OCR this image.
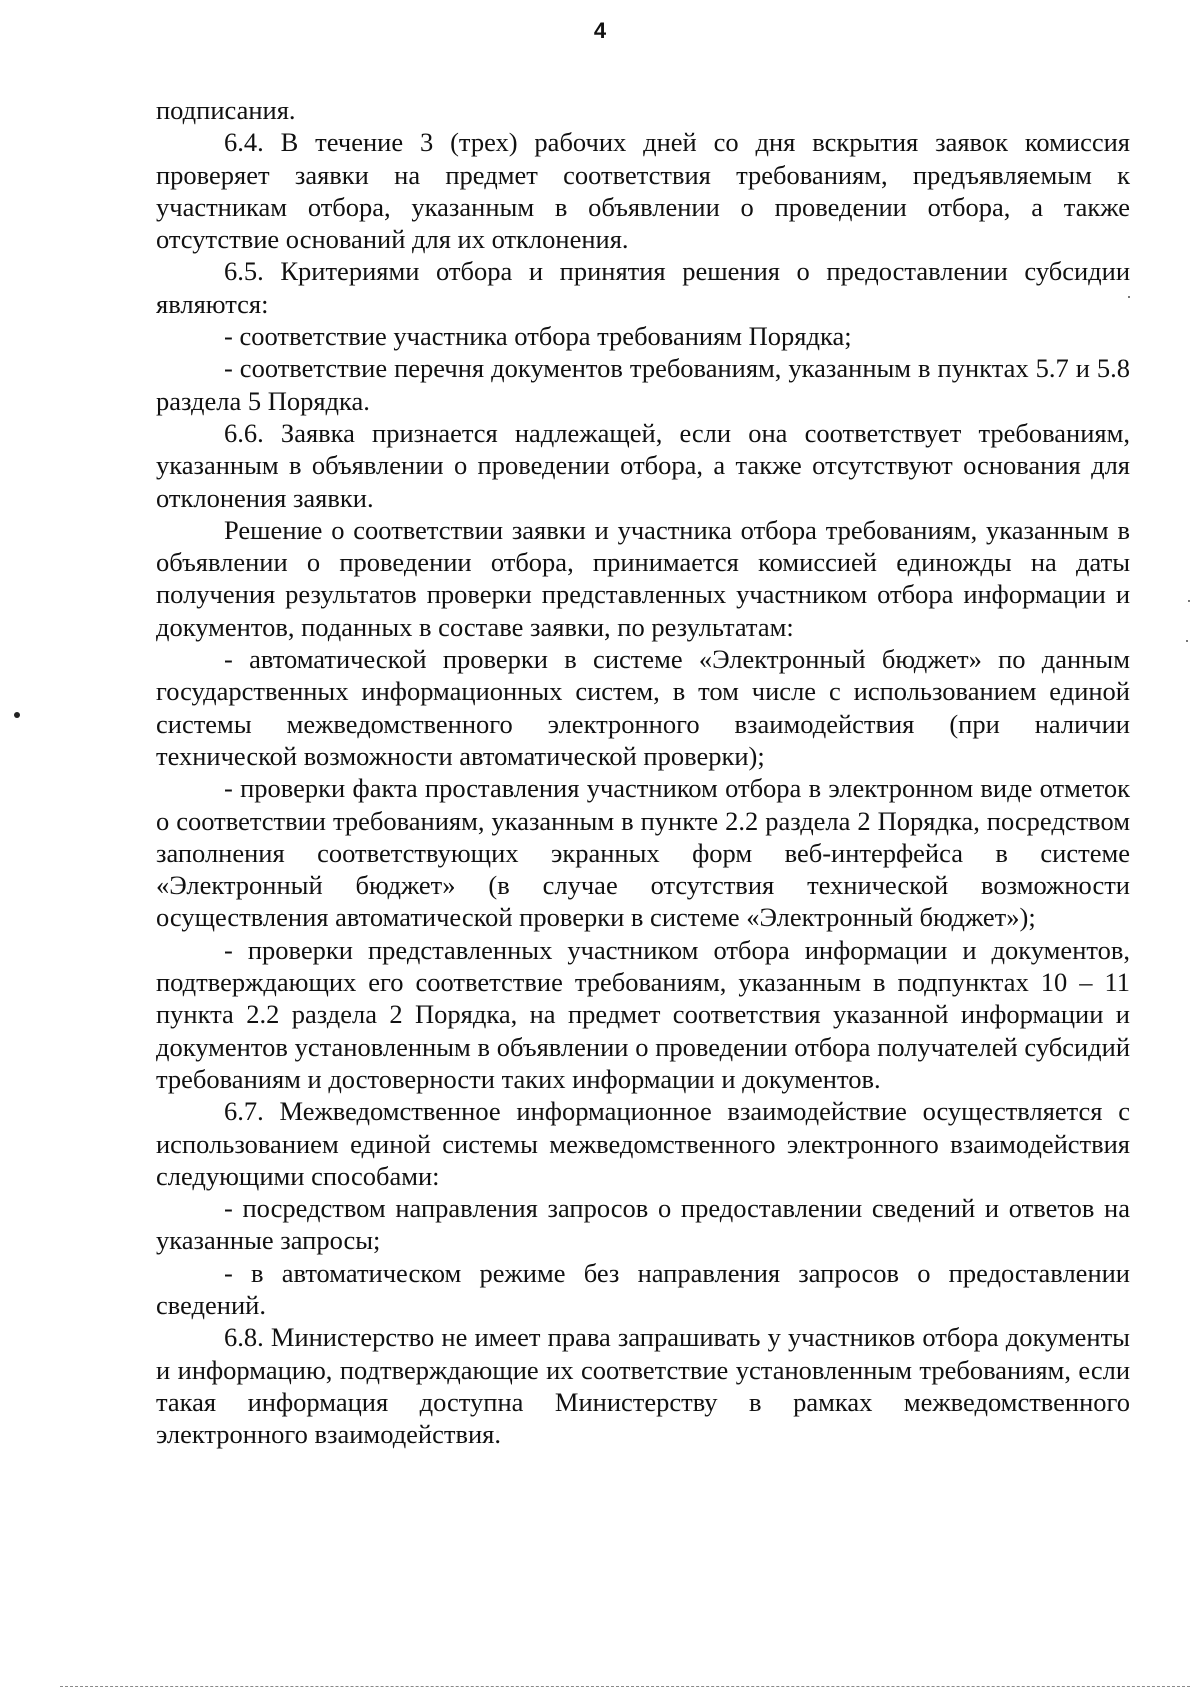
4

подписания.

6.4. В течение 3 (трех) рабочих дней со дня вскрытия заявок комиссия проверяет заявки на предмет соответствия требованиям, предъявляемым к участникам отбора, указанным в объявлении о проведении отбора, а также отсутствие оснований для их отклонения.

6.5. Критериями отбора и принятия решения о предоставлении субсидии являются:

- соответствие участника отбора требованиям Порядка;

- соответствие перечня документов требованиям, указанным в пунктах 5.7 и 5.8 раздела 5 Порядка.

6.6. Заявка признается надлежащей, если она соответствует требованиям, указанным в объявлении о проведении отбора, а также отсутствуют основания для отклонения заявки.

Решение о соответствии заявки и участника отбора требованиям, указанным в объявлении о проведении отбора, принимается комиссией единожды на даты получения результатов проверки представленных участником отбора информации и документов, поданных в составе заявки, по результатам:

- автоматической проверки в системе «Электронный бюджет» по данным государственных информационных систем, в том числе с использованием единой системы межведомственного электронного взаимодействия (при наличии технической возможности автоматической проверки);

- проверки факта проставления участником отбора в электронном виде отметок о соответствии требованиям, указанным в пункте 2.2 раздела 2 Порядка, посредством заполнения соответствующих экранных форм веб-интерфейса в системе «Электронный бюджет» (в случае отсутствия технической возможности осуществления автоматической проверки в системе «Электронный бюджет»);

- проверки представленных участником отбора информации и документов, подтверждающих его соответствие требованиям, указанным в подпунктах 10 – 11 пункта 2.2 раздела 2 Порядка, на предмет соответствия указанной информации и документов установленным в объявлении о проведении отбора получателей субсидий требованиям и достоверности таких информации и документов.

6.7. Межведомственное информационное взаимодействие осуществляется с использованием единой системы межведомственного электронного взаимодействия следующими способами:

- посредством направления запросов о предоставлении сведений и ответов на указанные запросы;

- в автоматическом режиме без направления запросов о предоставлении сведений.

6.8. Министерство не имеет права запрашивать у участников отбора документы и информацию, подтверждающие их соответствие установленным требованиям, если такая информация доступна Министерству в рамках межведомственного электронного взаимодействия.
